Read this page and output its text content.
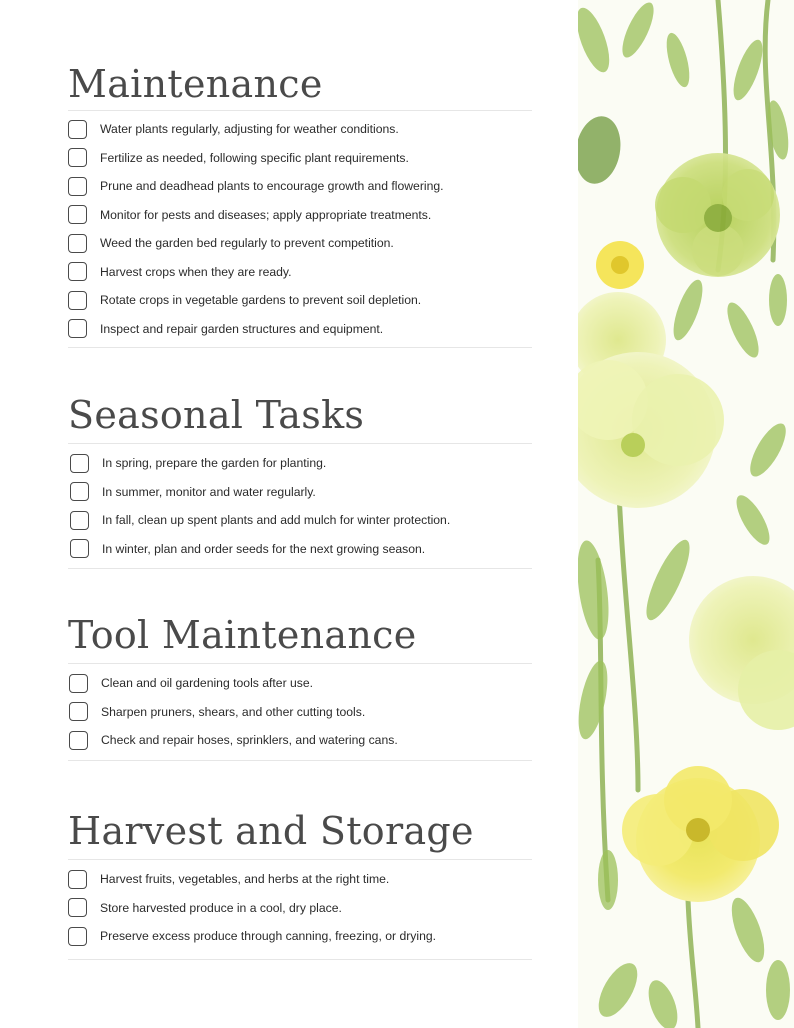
Maintenance
Water plants regularly, adjusting for weather conditions.
Fertilize as needed, following specific plant requirements.
Prune and deadhead plants to encourage growth and flowering.
Monitor for pests and diseases; apply appropriate treatments.
Weed the garden bed regularly to prevent competition.
Harvest crops when they are ready.
Rotate crops in vegetable gardens to prevent soil depletion.
Inspect and repair garden structures and equipment.
Seasonal Tasks
In spring, prepare the garden for planting.
In summer, monitor and water regularly.
In fall, clean up spent plants and add mulch for winter protection.
In winter, plan and order seeds for the next growing season.
Tool Maintenance
Clean and oil gardening tools after use.
Sharpen pruners, shears, and other cutting tools.
Check and repair hoses, sprinklers, and watering cans.
Harvest and Storage
Harvest fruits, vegetables, and herbs at the right time.
Store harvested produce in a cool, dry place.
Preserve excess produce through canning, freezing, or drying.
